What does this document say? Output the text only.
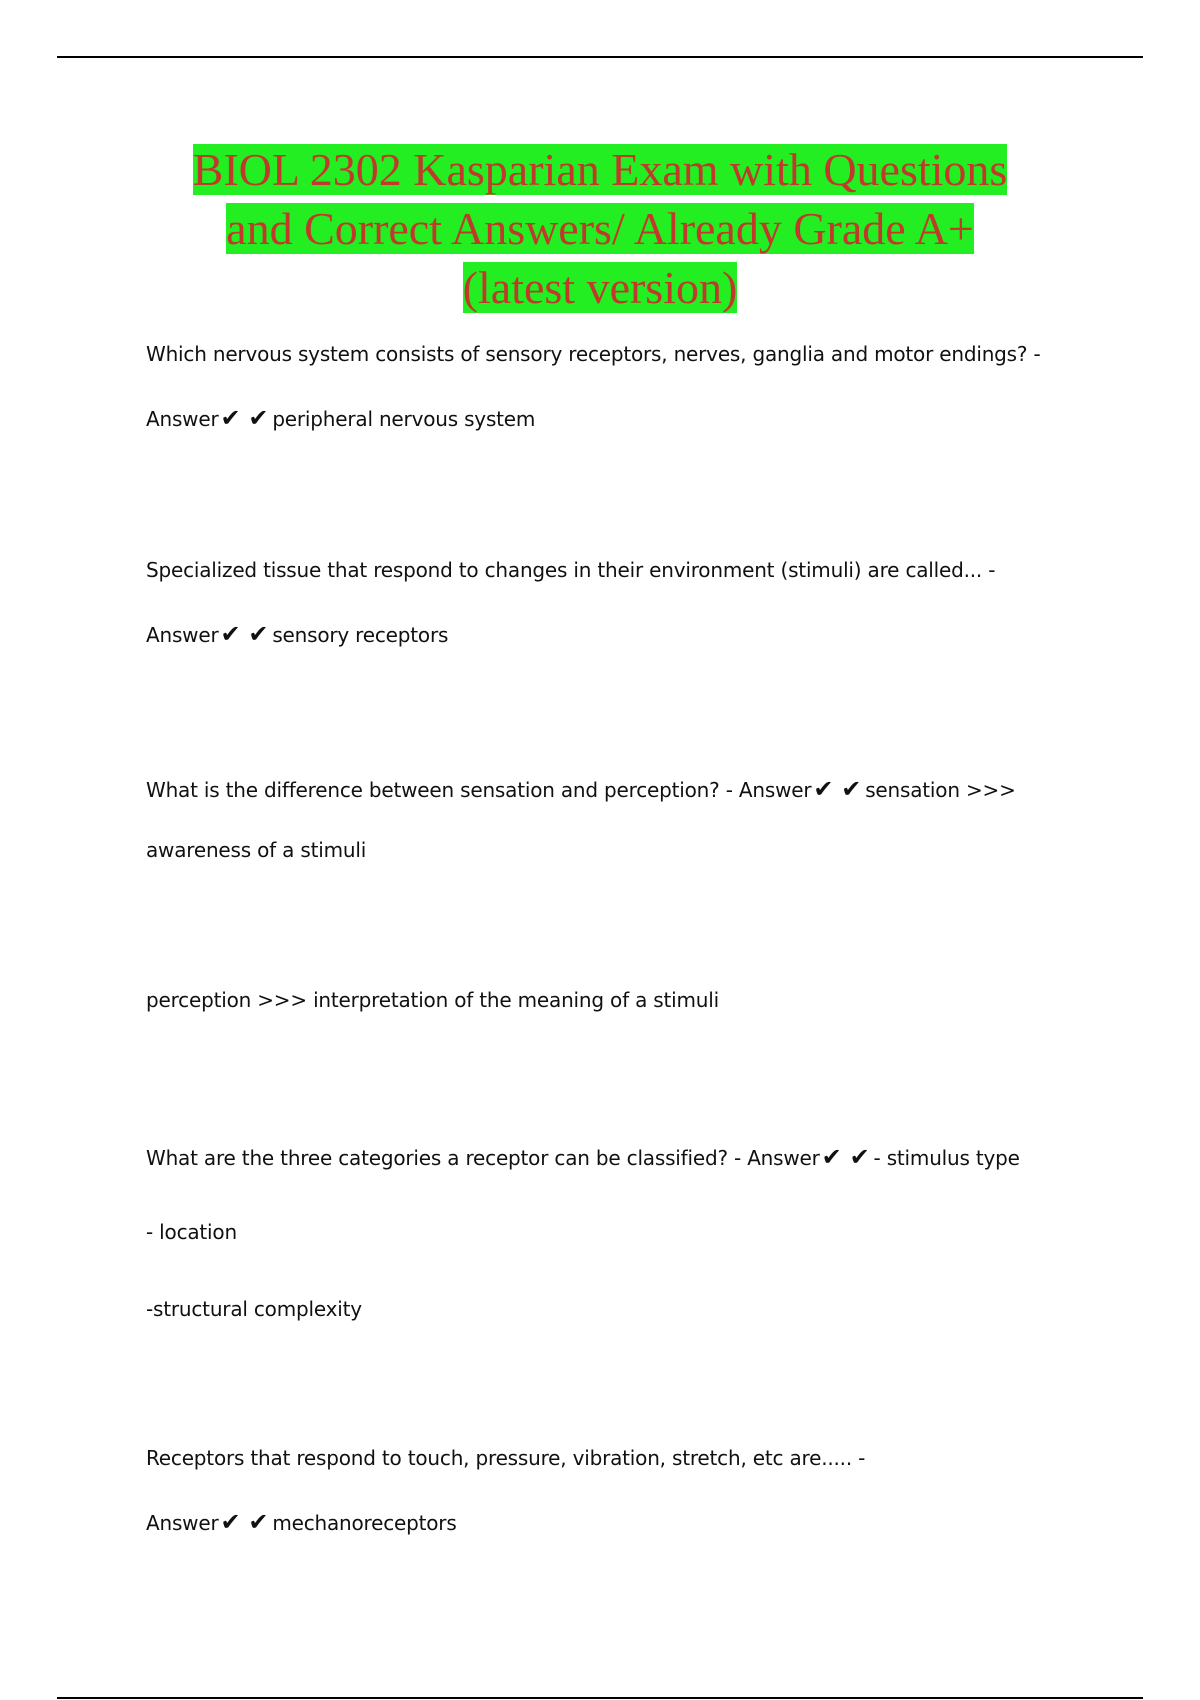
BIOL 2302 Kasparian Exam with Questions
and Correct Answers/ Already Grade A+
(latest version)
Which nervous system consists of sensory receptors, nerves, ganglia and motor endings? -
Answer✔ ✔ peripheral nervous system
Specialized tissue that respond to changes in their environment (stimuli) are called... -
Answer✔ ✔ sensory receptors
What is the difference between sensation and perception? - Answer✔ ✔ sensation >>>
awareness of a stimuli
perception >>> interpretation of the meaning of a stimuli
What are the three categories a receptor can be classified? - Answer✔ ✔ - stimulus type
- location
-structural complexity
Receptors that respond to touch, pressure, vibration, stretch, etc are..... -
Answer✔ ✔ mechanoreceptors
